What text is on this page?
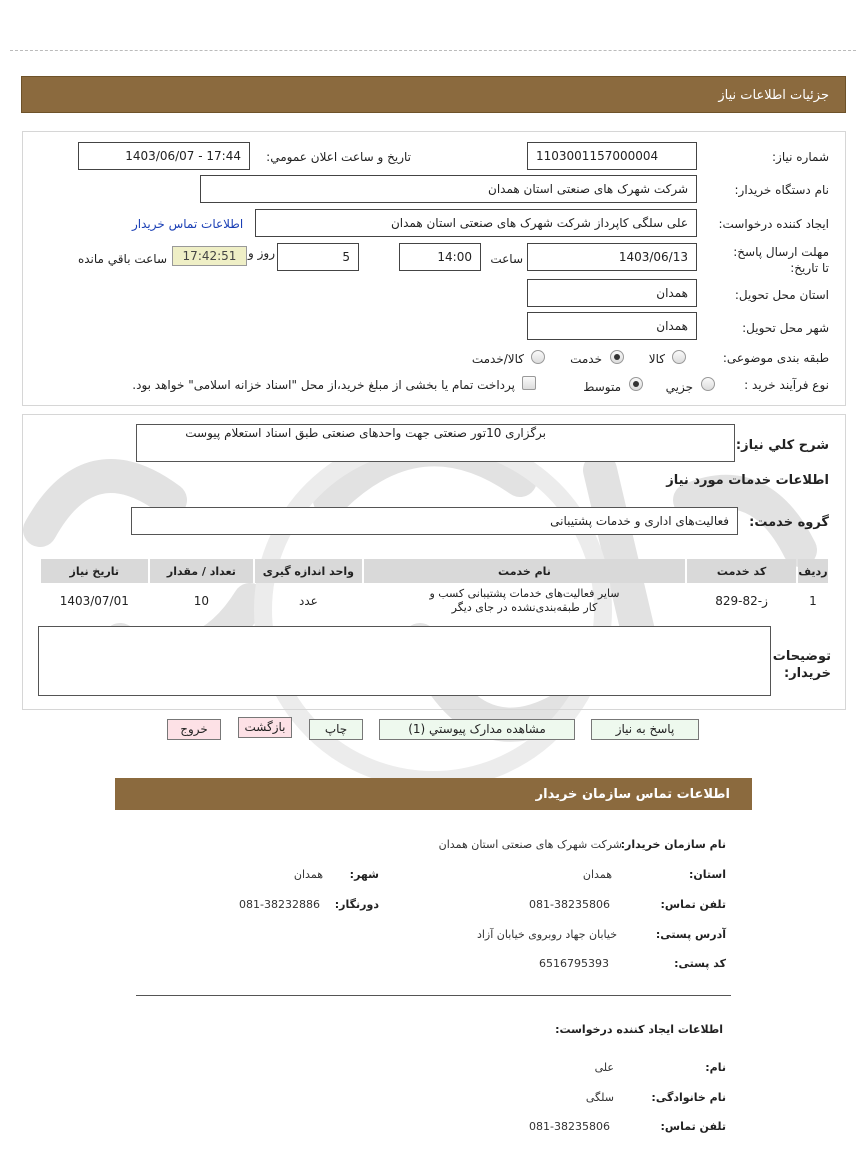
جزئیات اطلاعات نیاز
شماره نیاز:
1103001157000004
تاريخ و ساعت اعلان عمومي:
1403/06/07 - 17:44
نام دستگاه خريدار:
شرکت شهرک های صنعتی استان همدان
ايجاد کننده درخواست:
علی سلگی کاپرداز شرکت شهرک های صنعتی استان همدان
اطلاعات تماس خريدار
مهلت ارسال پاسخ: تا تاريخ:
1403/06/13
ساعت
14:00
5
روز و
17:42:51
ساعت باقي مانده
استان محل تحويل:
همدان
شهر محل تحويل:
همدان
طبقه بندی موضوعی:
کالا
خدمت
کالا/خدمت
نوع فرآيند خريد :
جزيي
متوسط
پرداخت تمام يا بخشی از مبلغ خريد،از محل "اسناد خزانه اسلامی" خواهد بود.
شرح کلي نياز:
برگزاری 10تور صنعتی جهت واحدهای صنعتی طبق اسناد استعلام پیوست
اطلاعات خدمات مورد نياز
گروه خدمت:
فعاليت‌های اداری و خدمات پشتيبانی
رديف	کد خدمت	نام خدمت	واحد اندازه گيری	تعداد / مقدار	تاريخ نياز
1	ز-82-829	ساير فعاليت‌های خدمات پشتيبانی کسب و کار طبقه‌بندی‌نشده در جای ديگر	عدد	10	1403/07/01
توضيحات خريدار:
پاسخ به نياز
مشاهده مدارک پيوستي (1)
چاپ
بازگشت
خروج
اطلاعات تماس سازمان خريدار
نام سازمان خريدار:
شرکت شهرک های صنعتی استان همدان
استان:
همدان
شهر:
همدان
تلفن تماس:
081-38235806
دورنگار:
081-38232886
آدرس پستی:
خیابان جهاد روبروی خیابان آزاد
کد پستی:
6516795393
اطلاعات ایجاد کننده درخواست:
نام:
علی
نام خانوادگی:
سلگی
تلفن تماس:
081-38235806
